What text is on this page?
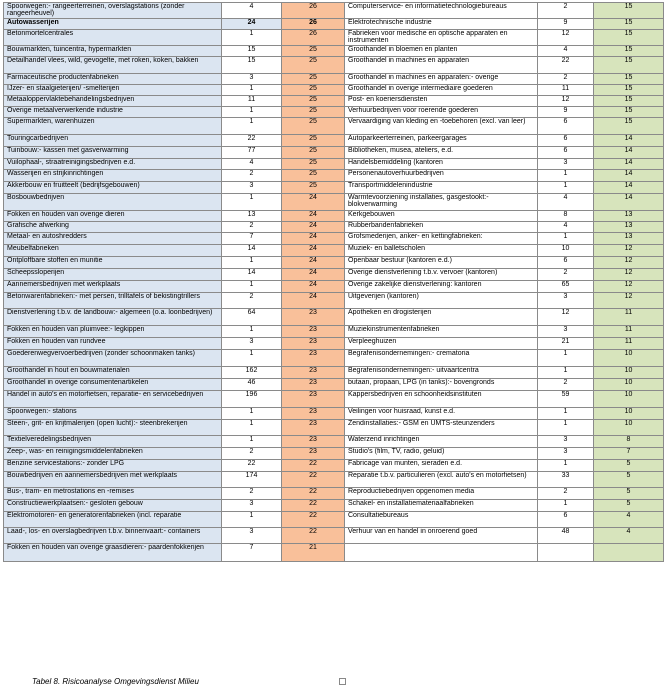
Spoorwegen:- rangeerterreinen, overslagstations (zonder rangeerheuvel)	4	26	Computerservice- en informatietechnologiebureaus	2	15
Autowasserijen	24	26	Elektrotechnische industrie	9	15
Betonmortelcentrales	1	26	Fabrieken voor medische en optische apparaten en instrumenten	12	15
Bouwmarkten, tuincentra, hypermarkten	15	25	Groothandel in bloemen en planten	4	15
Detailhandel vlees, wild, gevogelte, met roken, koken, bakken	15	25	Groothandel in machines en apparaten	22	15
Farmaceutische productenfabrieken	3	25	Groothandel in machines en apparaten:- overige	2	15
IJzer- en staalgieterijen/ -smelterijen	1	25	Groothandel in overige intermediaire goederen	11	15
Metaaloppervlaktebehandelingsbedrijven	11	25	Post- en koeriersdiensten	12	15
Overige metaalverwerkende industrie	1	25	Verhuurbedrijven voor roerende goederen	9	15
Supermarkten, warenhuizen	1	25	Vervaardiging van kleding en -toebehoren (excl. van leer)	6	15
Touringcarbedrijven	22	25	Autoparkeerterreinen, parkeergarages	6	14
Tuinbouw:- kassen met gasverwarming	77	25	Bibliotheken, musea, ateliers, e.d.	6	14
Vuilophaal-, straatreinigingsbedrijven e.d.	4	25	Handelsbemiddeling (kantoren	3	14
Wasserijen en strijkinrichtingen	2	25	Personenautoverhuurbedrijven	1	14
Akkerbouw en fruitteelt (bedrijfsgebouwen)	3	25	Transportmiddelenindustrie	1	14
Bosbouwbedrijven	1	24	Warmtevoorziening installaties, gasgestookt:- blokverwarming	4	14
Fokken en houden van overige dieren	13	24	Kerkgebouwen	8	13
Grafische afwerking	2	24	Rubberbandenfabrieken	4	13
Metaal- en autoshredders	7	24	Grofsmederijen, anker- en kettingfabrieken:	1	13
Meubelfabrieken	14	24	Muziek- en balletscholen	10	12
Ontploffbare stoffen en munitie	1	24	Openbaar bestuur (kantoren e.d.)	6	12
Scheepssloperijen	14	24	Overige dienstverlening t.b.v. vervoer (kantoren)	2	12
Aannemersbedrijven met werkplaats	1	24	Overige zakelijke dienstverlening: kantoren	65	12
Betonwarenfabrieken:- met persen, trilltafels of bekistingtrillers	2	24	Uitgeverijen (kantoren)	3	12
Dienstverlening t.b.v. de landbouw:- algemeen (o.a. loonbedrijven)	64	23	Apotheken en drogisterijen	12	11
Fokken en houden van pluimvee:- legkippen	1	23	Muziekinstrumentenfabrieken	3	11
Fokken en houden van rundvee	3	23	Verpleeghuizen	21	11
Goederenwegvervoerbedrijven (zonder schoonmaken tanks)	1	23	Begrafenisondernemingen:- crematoria	1	10
Groothandel in hout en bouwmaterialen	162	23	Begrafenisondernemingen:- uitvaartcentra	1	10
Groothandel in overige consumentenartikelen	46	23	butaan, propaan, LPG (in tanks):- bovengronds	2	10
Handel in auto's en motorfietsen, reparatie- en servicebedrijven	196	23	Kappersbedrijven en schoonheidsinstituten	59	10
Spoorwegen:- stations	1	23	Veilingen voor huisraad, kunst e.d.	1	10
Steen-, grit- en krijtmalerijen (open lucht):- steenbrekerijen	1	23	Zendinstallaties:- GSM en UMTS-steunzenders	1	10
Textielveredelingsbedrijven	1	23	Waterzend inrichtingen	3	8
Zeep-, was- en reinigingsmiddelenfabrieken	2	23	Studio's (film, TV, radio, geluid)	3	7
Benzine servicestations:- zonder LPG	22	22	Fabricage van munten, sieraden e.d.	1	5
Bouwbedrijven en aannemersbedrijven met werkplaats	174	22	Reparatie t.b.v. particulieren (excl. auto's en motorfietsen)	33	5
Bus-, tram- en metrostations en -remises	2	22	Reproductiebedrijven opgenomen media	2	5
Constructiewerkplaatsen:- gesloten gebouw	3	22	Schakel- en installatiemateriaalfabrieken	1	5
Elektromotoren- en generatorenfabrieken (incl. reparatie	1	22	Consultatiebureaus	6	4
Laad-, los- en overslagbedrijven t.b.v. binnenvaart:- containers	3	22	Verhuur van en handel in onroerend goed	48	4
Fokken en houden van overige graasdieren:- paardenfokkerijen	7	21			
Tabel 8. Risicoanalyse Omgevingsdienst Milieu
